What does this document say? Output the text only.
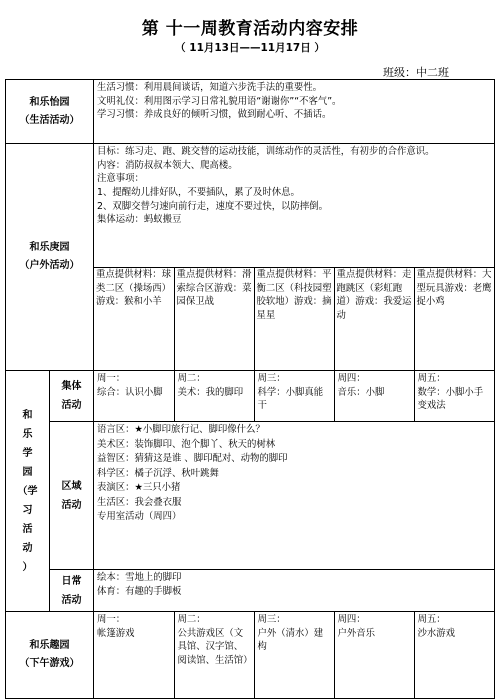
第 十一周教育活动内容安排
（ 11月13日——11月17日 ）
班级：中二班
和乐怡园
（生活活动）

生活习惯：利用晨间谈话，知道六步洗手法的重要性。
文明礼仪：利用图示学习日常礼貌用语“谢谢你”“不客气”。
学习习惯：养成良好的倾听习惯，做到耐心听、不插话。

和乐庚园
（户外活动）

目标：练习走、跑、跳交替的运动技能，训练动作的灵活性，有初步的合作意识。
内容：消防叔叔本领大、爬高楼。
注意事项：
1、提醒幼儿排好队，不要插队，累了及时休息。
2、双脚交替匀速向前行走，速度不要过快，以防摔倒。
集体运动：蚂蚁搬豆

重点提供材料：球类二区（操场西）游戏：猴和小羊	重点提供材料：滑索综合区游戏：菜园保卫战	重点提供材料：平衡二区（科技园塑胶软地）游戏：摘星星	重点提供材料：走跑跳区（彩虹跑道）游戏：我爱运动	重点提供材料：大型玩具游戏：老鹰捉小鸡

和
乐
学
园
（学
习
活
动
）

集体
活动

周一：
综合：认识小脚	周二：
美术：我的脚印	周三：
科学：小脚真能干	周四：
音乐：小脚	周五：
数学：小脚小手变戏法

区域
活动

语言区：★小脚印旅行记、脚印像什么？
美术区：装饰脚印、泡个脚丫、秋天的树林
益智区：猜猜这是谁 、脚印配对、动物的脚印
科学区：橘子沉浮、秋叶跳舞
表演区：★三只小猪
生活区：我会叠衣服
专用室活动（周四）

日常
活动

绘本：雪地上的脚印
体育：有趣的手脚板

和乐趣园
（下午游戏）

周一：
帐篷游戏	周二：
公共游戏区（文具馆、汉字馆、阅读馆、生活馆）	周三：
户外（清水）建构	周四：
户外音乐	周五：
沙水游戏
